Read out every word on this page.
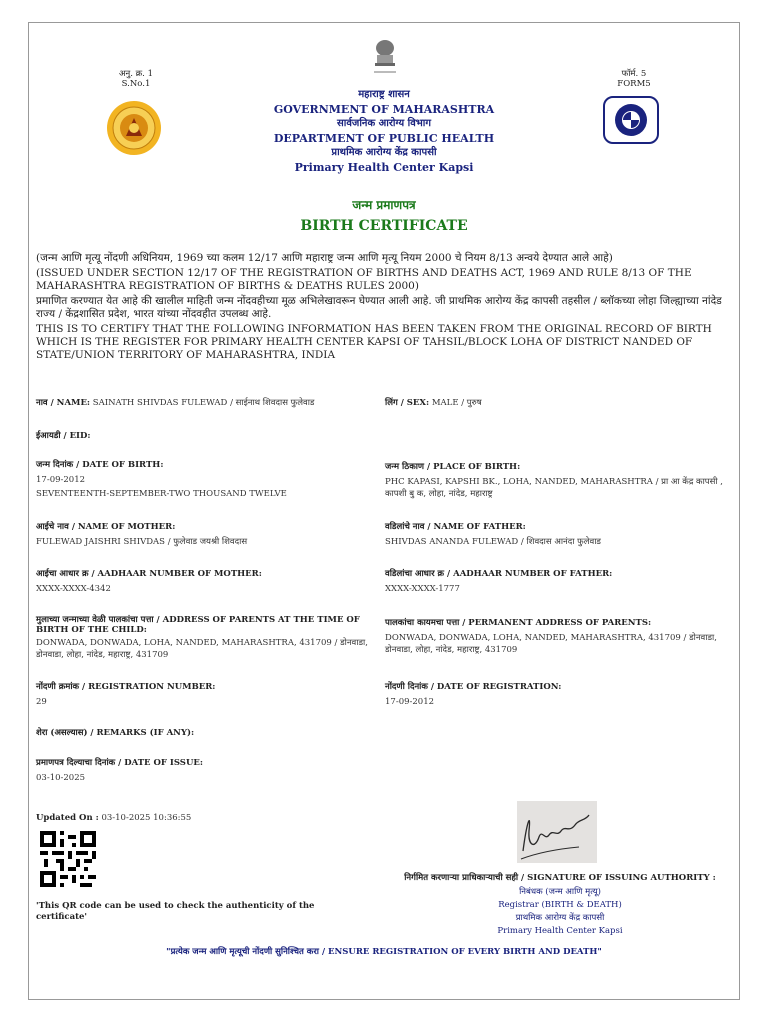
अनु. क्र. 1
S.No.1
फॉर्म. 5
FORM5
महाराष्ट्र शासन
GOVERNMENT OF MAHARASHTRA
सार्वजनिक आरोग्य विभाग
DEPARTMENT OF PUBLIC HEALTH
प्राथमिक आरोग्य केंद्र कापसी
Primary Health Center Kapsi
जन्म प्रमाणपत्र
BIRTH CERTIFICATE
(जन्म आणि मृत्यू नोंदणी अधिनियम, 1969 च्या कलम 12/17 आणि महाराष्ट्र जन्म आणि मृत्यू नियम 2000 चे नियम 8/13 अन्वये देण्यात आले आहे)
(ISSUED UNDER SECTION 12/17 OF THE REGISTRATION OF BIRTHS AND DEATHS ACT, 1969 AND RULE 8/13 OF THE MAHARASHTRA REGISTRATION OF BIRTHS & DEATHS RULES 2000)
प्रमाणित करण्यात येत आहे की खालील माहिती जन्म नोंदवहीच्या मूळ अभिलेखावरून घेण्यात आली आहे. जी प्राथमिक आरोग्य केंद्र कापसी तहसील / ब्लॉकच्या लोहा जिल्ह्याच्या नांदेड राज्य / केंद्रशासित प्रदेश, भारत यांच्या नोंदवहीत उपलब्ध आहे.
THIS IS TO CERTIFY THAT THE FOLLOWING INFORMATION HAS BEEN TAKEN FROM THE ORIGINAL RECORD OF BIRTH WHICH IS THE REGISTER FOR PRIMARY HEALTH CENTER KAPSI OF TAHSIL/BLOCK LOHA OF DISTRICT NANDED OF STATE/UNION TERRITORY OF MAHARASHTRA, INDIA
नाव / NAME: SAINATH SHIVDAS FULEWAD / साईनाथ शिवदास फुलेवाड	लिंग / SEX: MALE / पुरुष
ईआयडी / EID:
जन्म दिनांक / DATE OF BIRTH:
17-09-2012
SEVENTEENTH-SEPTEMBER-TWO THOUSAND TWELVE
जन्म ठिकाण / PLACE OF BIRTH:
PHC KAPASI, KAPSHI BK., LOHA, NANDED, MAHARASHTRA / प्रा आ केंद्र कापसी , कापशी बु क, लोहा, नांदेड, महाराष्ट्र
आईचे नाव / NAME OF MOTHER:
FULEWAD JAISHRI SHIVDAS / फुलेवाड जयश्री शिवदास
वडिलांचे नाव / NAME OF FATHER:
SHIVDAS ANANDA FULEWAD / शिवदास आनंदा फुलेवाड
आईचा आधार क्र / AADHAAR NUMBER OF MOTHER:
XXXX-XXXX-4342
वडिलांचा आधार क्र / AADHAAR NUMBER OF FATHER:
XXXX-XXXX-1777
मुलाच्या जन्माच्या वेळी पालकांचा पत्ता / ADDRESS OF PARENTS AT THE TIME OF BIRTH OF THE CHILD:
DONWADA, DONWADA, LOHA, NANDED, MAHARASHTRA, 431709 / डोनवाडा, डोनवाडा, लोहा, नांदेड, महाराष्ट्र, 431709
पालकांचा कायमचा पत्ता / PERMANENT ADDRESS OF PARENTS:
DONWADA, DONWADA, LOHA, NANDED, MAHARASHTRA, 431709 / डोनवाडा, डोनवाडा, लोहा, नांदेड, महाराष्ट्र, 431709
नोंदणी क्रमांक / REGISTRATION NUMBER:
29
नोंदणी दिनांक / DATE OF REGISTRATION:
17-09-2012
शेरा (असल्यास) / REMARKS (IF ANY):
प्रमाणपत्र दिल्याचा दिनांक / DATE OF ISSUE:
03-10-2025
Updated On : 03-10-2025 10:36:55
'This QR code can be used to check the authenticity of the certificate'
निर्गमित करणाऱ्या प्राधिकाऱ्याची सही / SIGNATURE OF ISSUING AUTHORITY :
निबंधक (जन्म आणि मृत्यू)
Registrar (BIRTH & DEATH)
प्राथमिक आरोग्य केंद्र कापसी
Primary Health Center Kapsi
"प्रत्येक जन्म आणि मृत्यूची नोंदणी सुनिश्चित करा / ENSURE REGISTRATION OF EVERY BIRTH AND DEATH"
